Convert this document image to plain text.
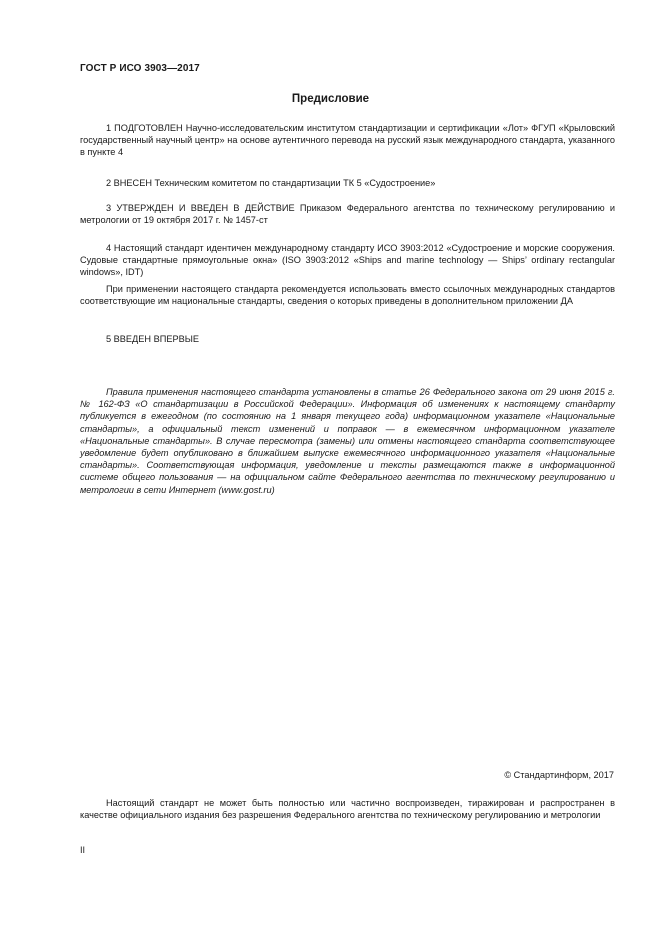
ГОСТ Р ИСО 3903—2017
Предисловие

1 ПОДГОТОВЛЕН Научно-исследовательским институтом стандартизации и сертификации «Лот» ФГУП «Крыловский государственный научный центр» на основе аутентичного перевода на русский язык международного стандарта, указанного в пункте 4

2 ВНЕСЕН Техническим комитетом по стандартизации ТК 5 «Судостроение»

3 УТВЕРЖДЕН И ВВЕДЕН В ДЕЙСТВИЕ Приказом Федерального агентства по техническому регулированию и метрологии от 19 октября 2017 г. № 1457-ст

4 Настоящий стандарт идентичен международному стандарту ИСО 3903:2012 «Судостроение и морские сооружения. Судовые стандартные прямоугольные окна» (ISO 3903:2012 «Ships and marine technology — Ships’ ordinary rectangular windows», IDT)

При применении настоящего стандарта рекомендуется использовать вместо ссылочных международных стандартов соответствующие им национальные стандарты, сведения о которых приведены в дополнительном приложении ДА

5 ВВЕДЕН ВПЕРВЫЕ

Правила применения настоящего стандарта установлены в статье 26 Федерального закона от 29 июня 2015 г. № 162-ФЗ «О стандартизации в Российской Федерации». Информация об изменениях к настоящему стандарту публикуется в ежегодном (по состоянию на 1 января текущего года) информационном указателе «Национальные стандарты», а официальный текст изменений и поправок — в ежемесячном информационном указателе «Национальные стандарты». В случае пересмотра (замены) или отмены настоящего стандарта соответствующее уведомление будет опубликовано в ближайшем выпуске ежемесячного информационного указателя «Национальные стандарты». Соответствующая информация, уведомление и тексты размещаются также в информационной системе общего пользования — на официальном сайте Федерального агентства по техническому регулированию и метрологии в сети Интернет (www.gost.ru)

© Стандартинформ, 2017

Настоящий стандарт не может быть полностью или частично воспроизведен, тиражирован и распространен в качестве официального издания без разрешения Федерального агентства по техническому регулированию и метрологии

II
